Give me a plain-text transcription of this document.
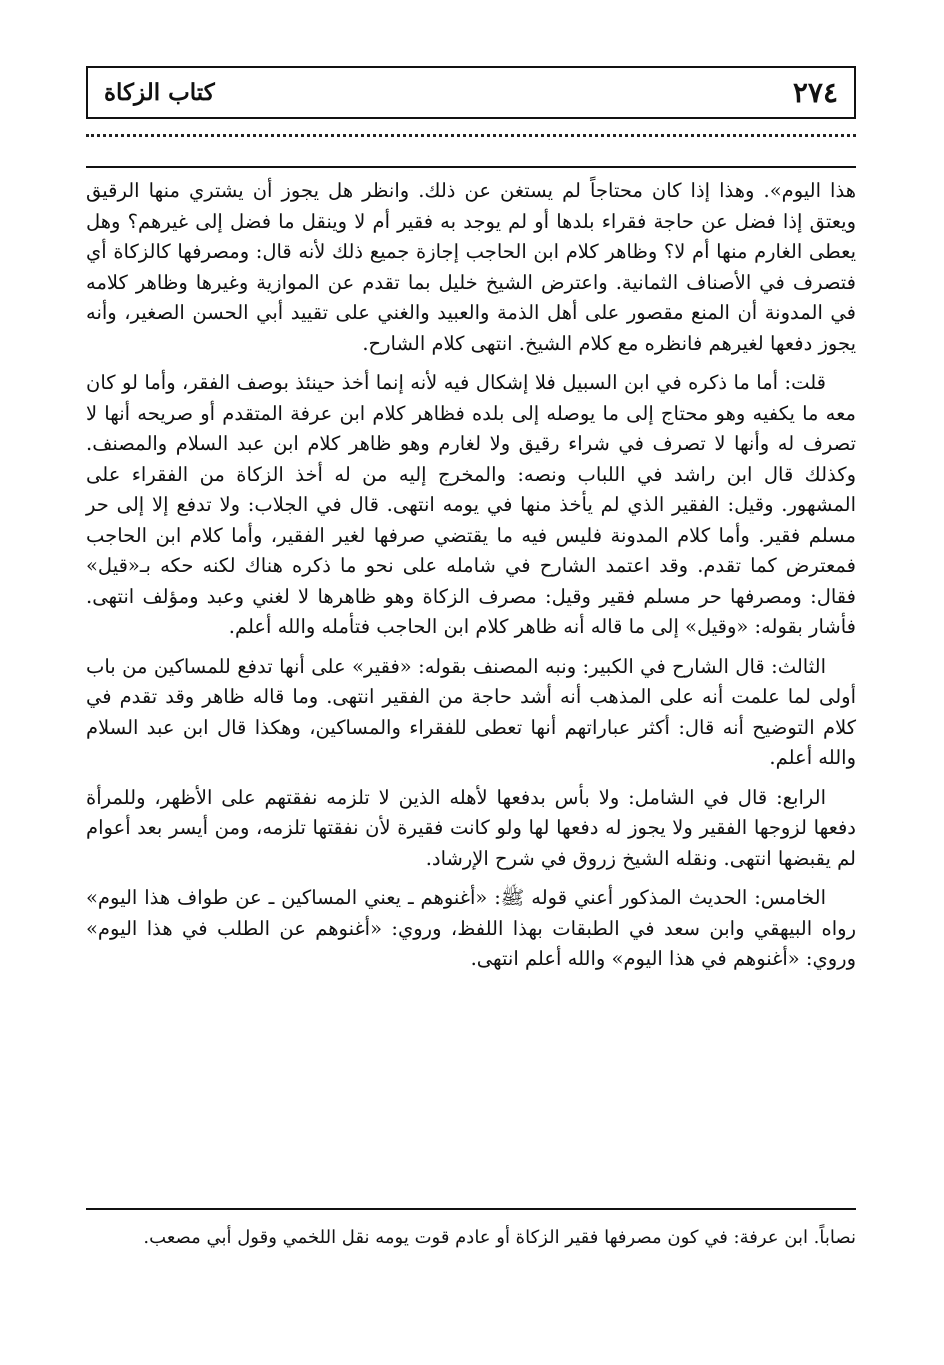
٢٧٤
كتاب الزكاة

هذا اليوم». وهذا إذا كان محتاجاً لم يستغن عن ذلك. وانظر هل يجوز أن يشتري منها الرقيق ويعتق إذا فضل عن حاجة فقراء بلدها أو لم يوجد به فقير أم لا وينقل ما فضل إلى غيرهم؟ وهل يعطى الغارم منها أم لا؟ وظاهر كلام ابن الحاجب إجازة جميع ذلك لأنه قال: ومصرفها كالزكاة أي فتصرف في الأصناف الثمانية. واعترض الشيخ خليل بما تقدم عن الموازية وغيرها وظاهر كلامه في المدونة أن المنع مقصور على أهل الذمة والعبيد والغني على تقييد أبي الحسن الصغير، وأنه يجوز دفعها لغيرهم فانظره مع كلام الشيخ. انتهى كلام الشارح.

قلت: أما ما ذكره في ابن السبيل فلا إشكال فيه لأنه إنما أخذ حينئذ بوصف الفقر، وأما لو كان معه ما يكفيه وهو محتاج إلى ما يوصله إلى بلده فظاهر كلام ابن عرفة المتقدم أو صريحه أنها لا تصرف له وأنها لا تصرف في شراء رقيق ولا لغارم وهو ظاهر كلام ابن عبد السلام والمصنف. وكذلك قال ابن راشد في اللباب ونصه: والمخرج إليه من له أخذ الزكاة من الفقراء على المشهور. وقيل: الفقير الذي لم يأخذ منها في يومه انتهى. قال في الجلاب: ولا تدفع إلا إلى حر مسلم فقير. وأما كلام المدونة فليس فيه ما يقتضي صرفها لغير الفقير، وأما كلام ابن الحاجب فمعترض كما تقدم. وقد اعتمد الشارح في شامله على نحو ما ذكره هناك لكنه حكه بـ«قيل» فقال: ومصرفها حر مسلم فقير وقيل: مصرف الزكاة وهو ظاهرها لا لغني وعبد ومؤلف انتهى. فأشار بقوله: «وقيل» إلى ما قاله أنه ظاهر كلام ابن الحاجب فتأمله والله أعلم.

الثالث: قال الشارح في الكبير: ونبه المصنف بقوله: «فقير» على أنها تدفع للمساكين من باب أولى لما علمت أنه على المذهب أنه أشد حاجة من الفقير انتهى. وما قاله ظاهر وقد تقدم في كلام التوضيح أنه قال: أكثر عباراتهم أنها تعطى للفقراء والمساكين، وهكذا قال ابن عبد السلام والله أعلم.

الرابع: قال في الشامل: ولا بأس بدفعها لأهله الذين لا تلزمه نفقتهم على الأظهر، وللمرأة دفعها لزوجها الفقير ولا يجوز له دفعها لها ولو كانت فقيرة لأن نفقتها تلزمه، ومن أيسر بعد أعوام لم يقبضها انتهى. ونقله الشيخ زروق في شرح الإرشاد.

الخامس: الحديث المذكور أعني قوله ﷺ: «أغنوهم ـ يعني المساكين ـ عن طواف هذا اليوم» رواه البيهقي وابن سعد في الطبقات بهذا اللفظ، وروي: «أغنوهم عن الطلب في هذا اليوم» وروي: «أغنوهم في هذا اليوم» والله أعلم انتهى.

نصاباً. ابن عرفة: في كون مصرفها فقير الزكاة أو عادم قوت يومه نقل اللخمي وقول أبي مصعب.
